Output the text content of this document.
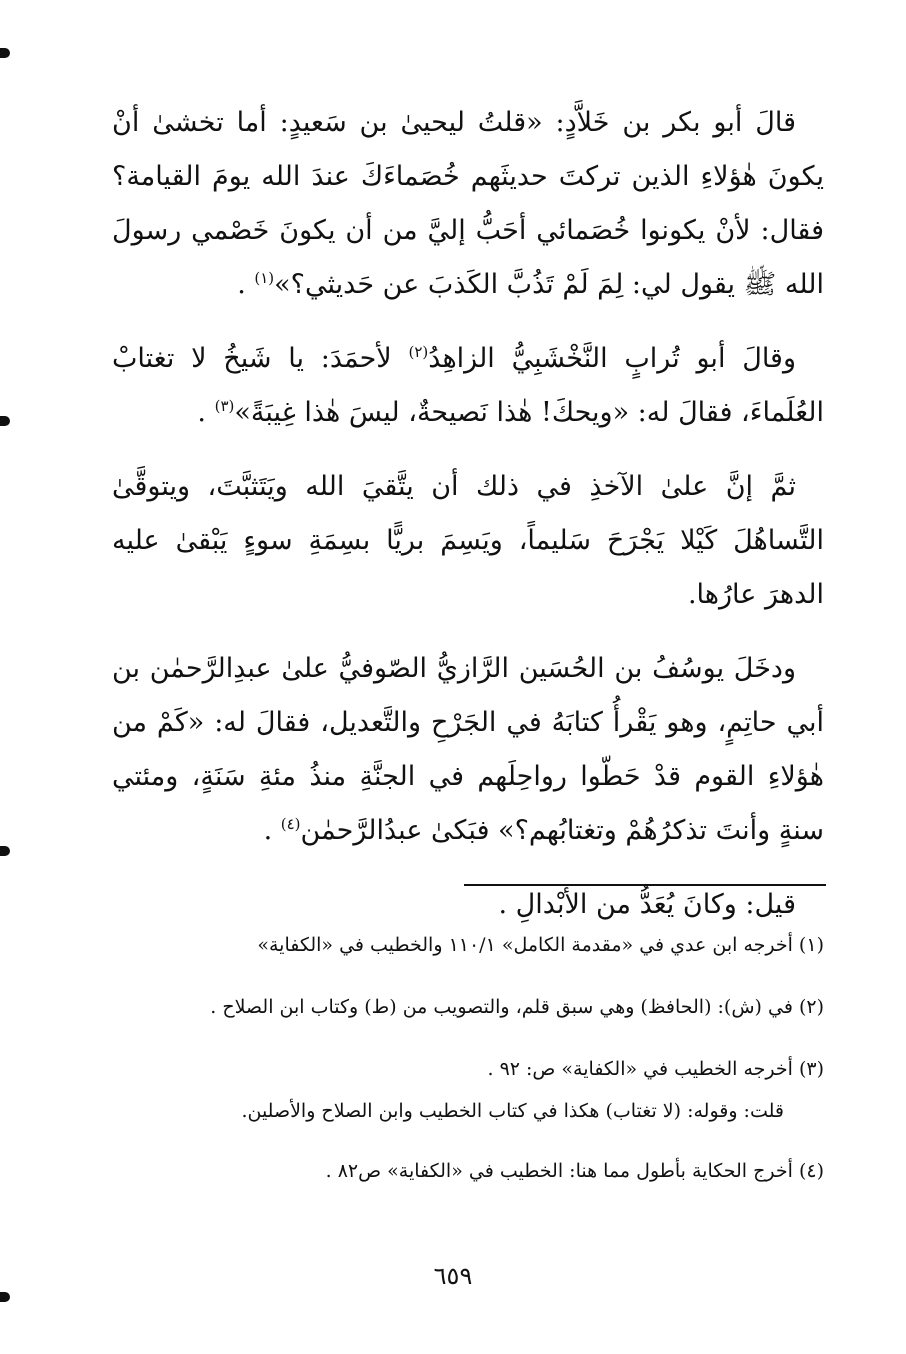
قالَ أبو بكر بن خَلاَّدٍ: «قلتُ ليحيىٰ بن سَعيدٍ: أما تخشىٰ أنْ يكونَ هٰؤلاءِ الذين تركتَ حديثَهم خُصَماءَكَ عندَ الله يومَ القيامة؟ فقال: لأنْ يكونوا خُصَمائي أحَبُّ إليَّ من أن يكونَ خَصْمي رسولَ الله ﷺ يقول لي: لِمَ لَمْ تَذُبَّ الكَذبَ عن حَديثي؟»$^{(١)}$ .

وقالَ أبو تُرابٍ النَّخْشَبِيُّ الزاهِدُ$^{(٢)}$ لأحمَدَ: يا شَيخُ لا تغتابْ العُلَماءَ، فقالَ له: «ويحكَ! هٰذا نَصيحةٌ، ليسَ هٰذا غِيبَةً»$^{(٣)}$ .

ثمَّ إنَّ علىٰ الآخذِ في ذلك أن يتَّقيَ الله ويَتَثبَّتَ، ويتوقَّىٰ التَّساهُلَ كَيْلا يَجْرَحَ سَليماً، ويَسِمَ بريًّا بسِمَةِ سوءٍ يَبْقىٰ عليه الدهرَ عارُها.

ودخَلَ يوسُفُ بن الحُسَين الرَّازيُّ الصّوفيُّ علىٰ عبدِالرَّحمٰن بن أبي حاتِمٍ، وهو يَقْرأُ كتابَهُ في الجَرْحِ والتَّعديل، فقالَ له: «كَمْ من هٰؤلاءِ القوم قدْ حَطّوا رواحِلَهم في الجنَّةِ منذُ مئةِ سَنَةٍ، ومئتي سنةٍ وأنتَ تذكرُهُمْ وتغتابُهم؟» فبَكىٰ عبدُالرَّحمٰن$^{(٤)}$ .

قيل: وكانَ يُعَدُّ من الأبْدالِ .

(١) أخرجه ابن عدي في «مقدمة الكامل» ١١٠/١ والخطيب في «الكفاية»

(٢) في (ش): (الحافظ) وهي سبق قلم، والتصويب من (ط) وكتاب ابن الصلاح .

(٣) أخرجه الخطيب في «الكفاية» ص: ٩٢ .

قلت: وقوله: (لا تغتاب) هكذا في كتاب الخطيب وابن الصلاح والأصلين.

(٤) أخرج الحكاية بأطول مما هنا: الخطيب في «الكفاية» ص٨٢ .

٦٥٩
